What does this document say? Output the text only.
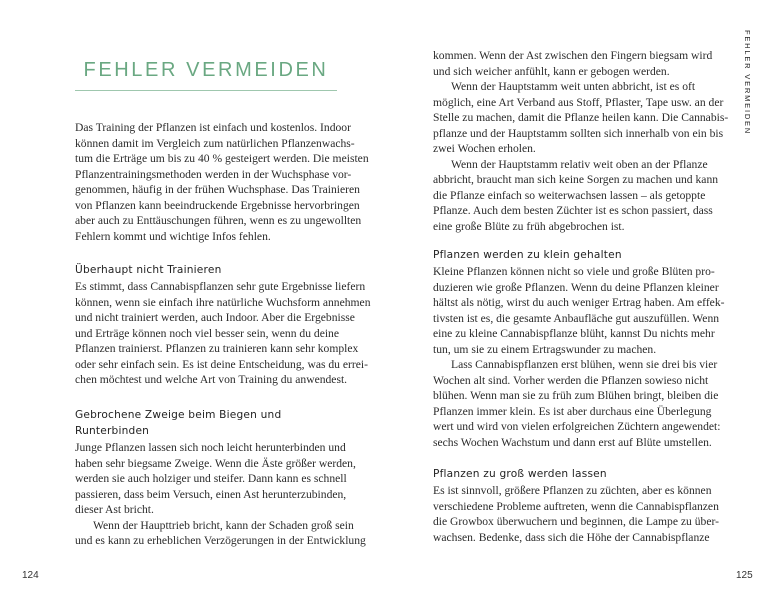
FEHLER VERMEIDEN
Das Training der Pflanzen ist einfach und kostenlos. Indoor
können damit im Vergleich zum natürlichen Pflanzenwachs-
tum die Erträge um bis zu 40 % gesteigert werden. Die meisten
Pflanzentrainingsmethoden werden in der Wuchsphase vor-
genommen, häufig in der frühen Wuchsphase. Das Trainieren
von Pflanzen kann beeindruckende Ergebnisse hervorbringen
aber auch zu Enttäuschungen führen, wenn es zu ungewollten
Fehlern kommt und wichtige Infos fehlen.
Überhaupt nicht Trainieren
Es stimmt, dass Cannabispflanzen sehr gute Ergebnisse liefern
können, wenn sie einfach ihre natürliche Wuchsform annehmen
und nicht trainiert werden, auch Indoor. Aber die Ergebnisse
und Erträge können noch viel besser sein, wenn du deine
Pflanzen trainierst. Pflanzen zu trainieren kann sehr komplex
oder sehr einfach sein. Es ist deine Entscheidung, was du errei-
chen möchtest und welche Art von Training du anwendest.
Gebrochene Zweige beim Biegen und
Runterbinden
Junge Pflanzen lassen sich noch leicht herunterbinden und
haben sehr biegsame Zweige. Wenn die Äste größer werden,
werden sie auch holziger und steifer. Dann kann es schnell
passieren, dass beim Versuch, einen Ast herunterzubinden,
dieser Ast bricht.
Wenn der Haupttrieb bricht, kann der Schaden groß sein
und es kann zu erheblichen Verzögerungen in der Entwicklung
124
kommen. Wenn der Ast zwischen den Fingern biegsam wird
und sich weicher anfühlt, kann er gebogen werden.
Wenn der Hauptstamm weit unten abbricht, ist es oft
möglich, eine Art Verband aus Stoff, Pflaster, Tape usw. an der
Stelle zu machen, damit die Pflanze heilen kann. Die Cannabis-
pflanze und der Hauptstamm sollten sich innerhalb von ein bis
zwei Wochen erholen.
Wenn der Hauptstamm relativ weit oben an der Pflanze
abbricht, braucht man sich keine Sorgen zu machen und kann
die Pflanze einfach so weiterwachsen lassen – als getoppte
Pflanze. Auch dem besten Züchter ist es schon passiert, dass
eine große Blüte zu früh abgebrochen ist.
Pflanzen werden zu klein gehalten
Kleine Pflanzen können nicht so viele und große Blüten pro-
duzieren wie große Pflanzen. Wenn du deine Pflanzen kleiner
hältst als nötig, wirst du auch weniger Ertrag haben. Am effek-
tivsten ist es, die gesamte Anbaufläche gut auszufüllen. Wenn
eine zu kleine Cannabispflanze blüht, kannst Du nichts mehr
tun, um sie zu einem Ertragswunder zu machen.
Lass Cannabispflanzen erst blühen, wenn sie drei bis vier
Wochen alt sind. Vorher werden die Pflanzen sowieso nicht
blühen. Wenn man sie zu früh zum Blühen bringt, bleiben die
Pflanzen immer klein. Es ist aber durchaus eine Überlegung
wert und wird von vielen erfolgreichen Züchtern angewendet:
sechs Wochen Wachstum und dann erst auf Blüte umstellen.
Pflanzen zu groß werden lassen
Es ist sinnvoll, größere Pflanzen zu züchten, aber es können
verschiedene Probleme auftreten, wenn die Cannabispflanzen
die Growbox überwuchern und beginnen, die Lampe zu über-
wachsen. Bedenke, dass sich die Höhe der Cannabispflanze
125
FEHLER VERMEIDEN
